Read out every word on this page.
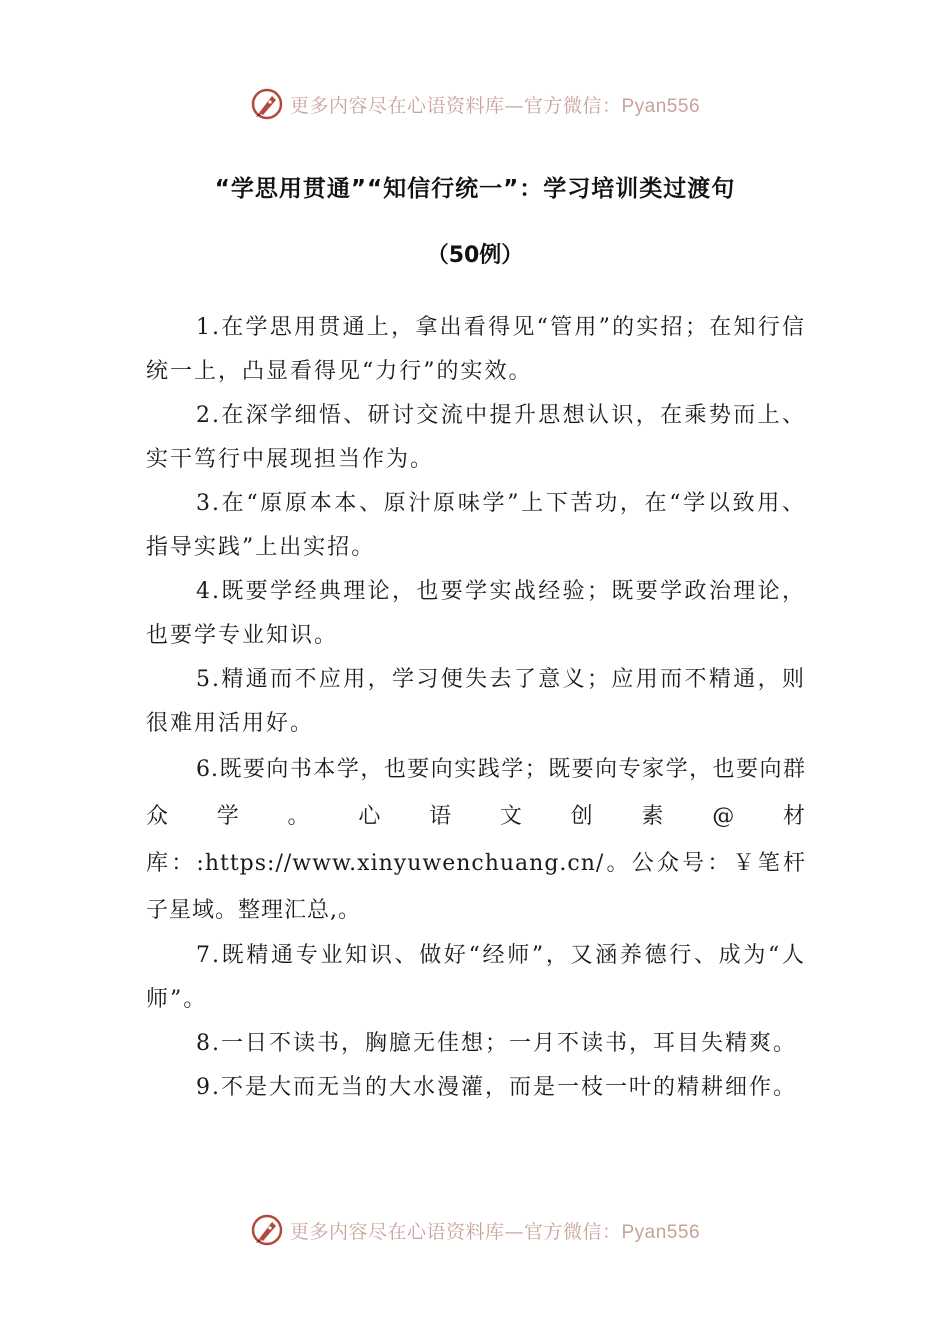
更多内容尽在心语资料库—官方微信：Pyan556
“学思用贯通”“知信行统一”：学习培训类过渡句
（50例）

1.在学思用贯通上，拿出看得见“管用”的实招；在知行信统一上，凸显看得见“力行”的实效。

2.在深学细悟、研讨交流中提升思想认识，在乘势而上、实干笃行中展现担当作为。

3.在“原原本本、原汁原味学”上下苦功，在“学以致用、指导实践”上出实招。

4.既要学经典理论，也要学实战经验；既要学政治理论，也要学专业知识。

5.精通而不应用，学习便失去了意义；应用而不精通，则很难用活用好。

6.既要向书本学，也要向实践学；既要向专家学，也要向群众学。心语文创素@材库：:https://www.xinyuwenchuang.cn/。公众号：￥笔杆子星域。整理汇总,。

7.既精通专业知识、做好“经师”，又涵养德行、成为“人师”。

8.一日不读书，胸臆无佳想；一月不读书，耳目失精爽。

9.不是大而无当的大水漫灌，而是一枝一叶的精耕细作。

更多内容尽在心语资料库—官方微信：Pyan556
